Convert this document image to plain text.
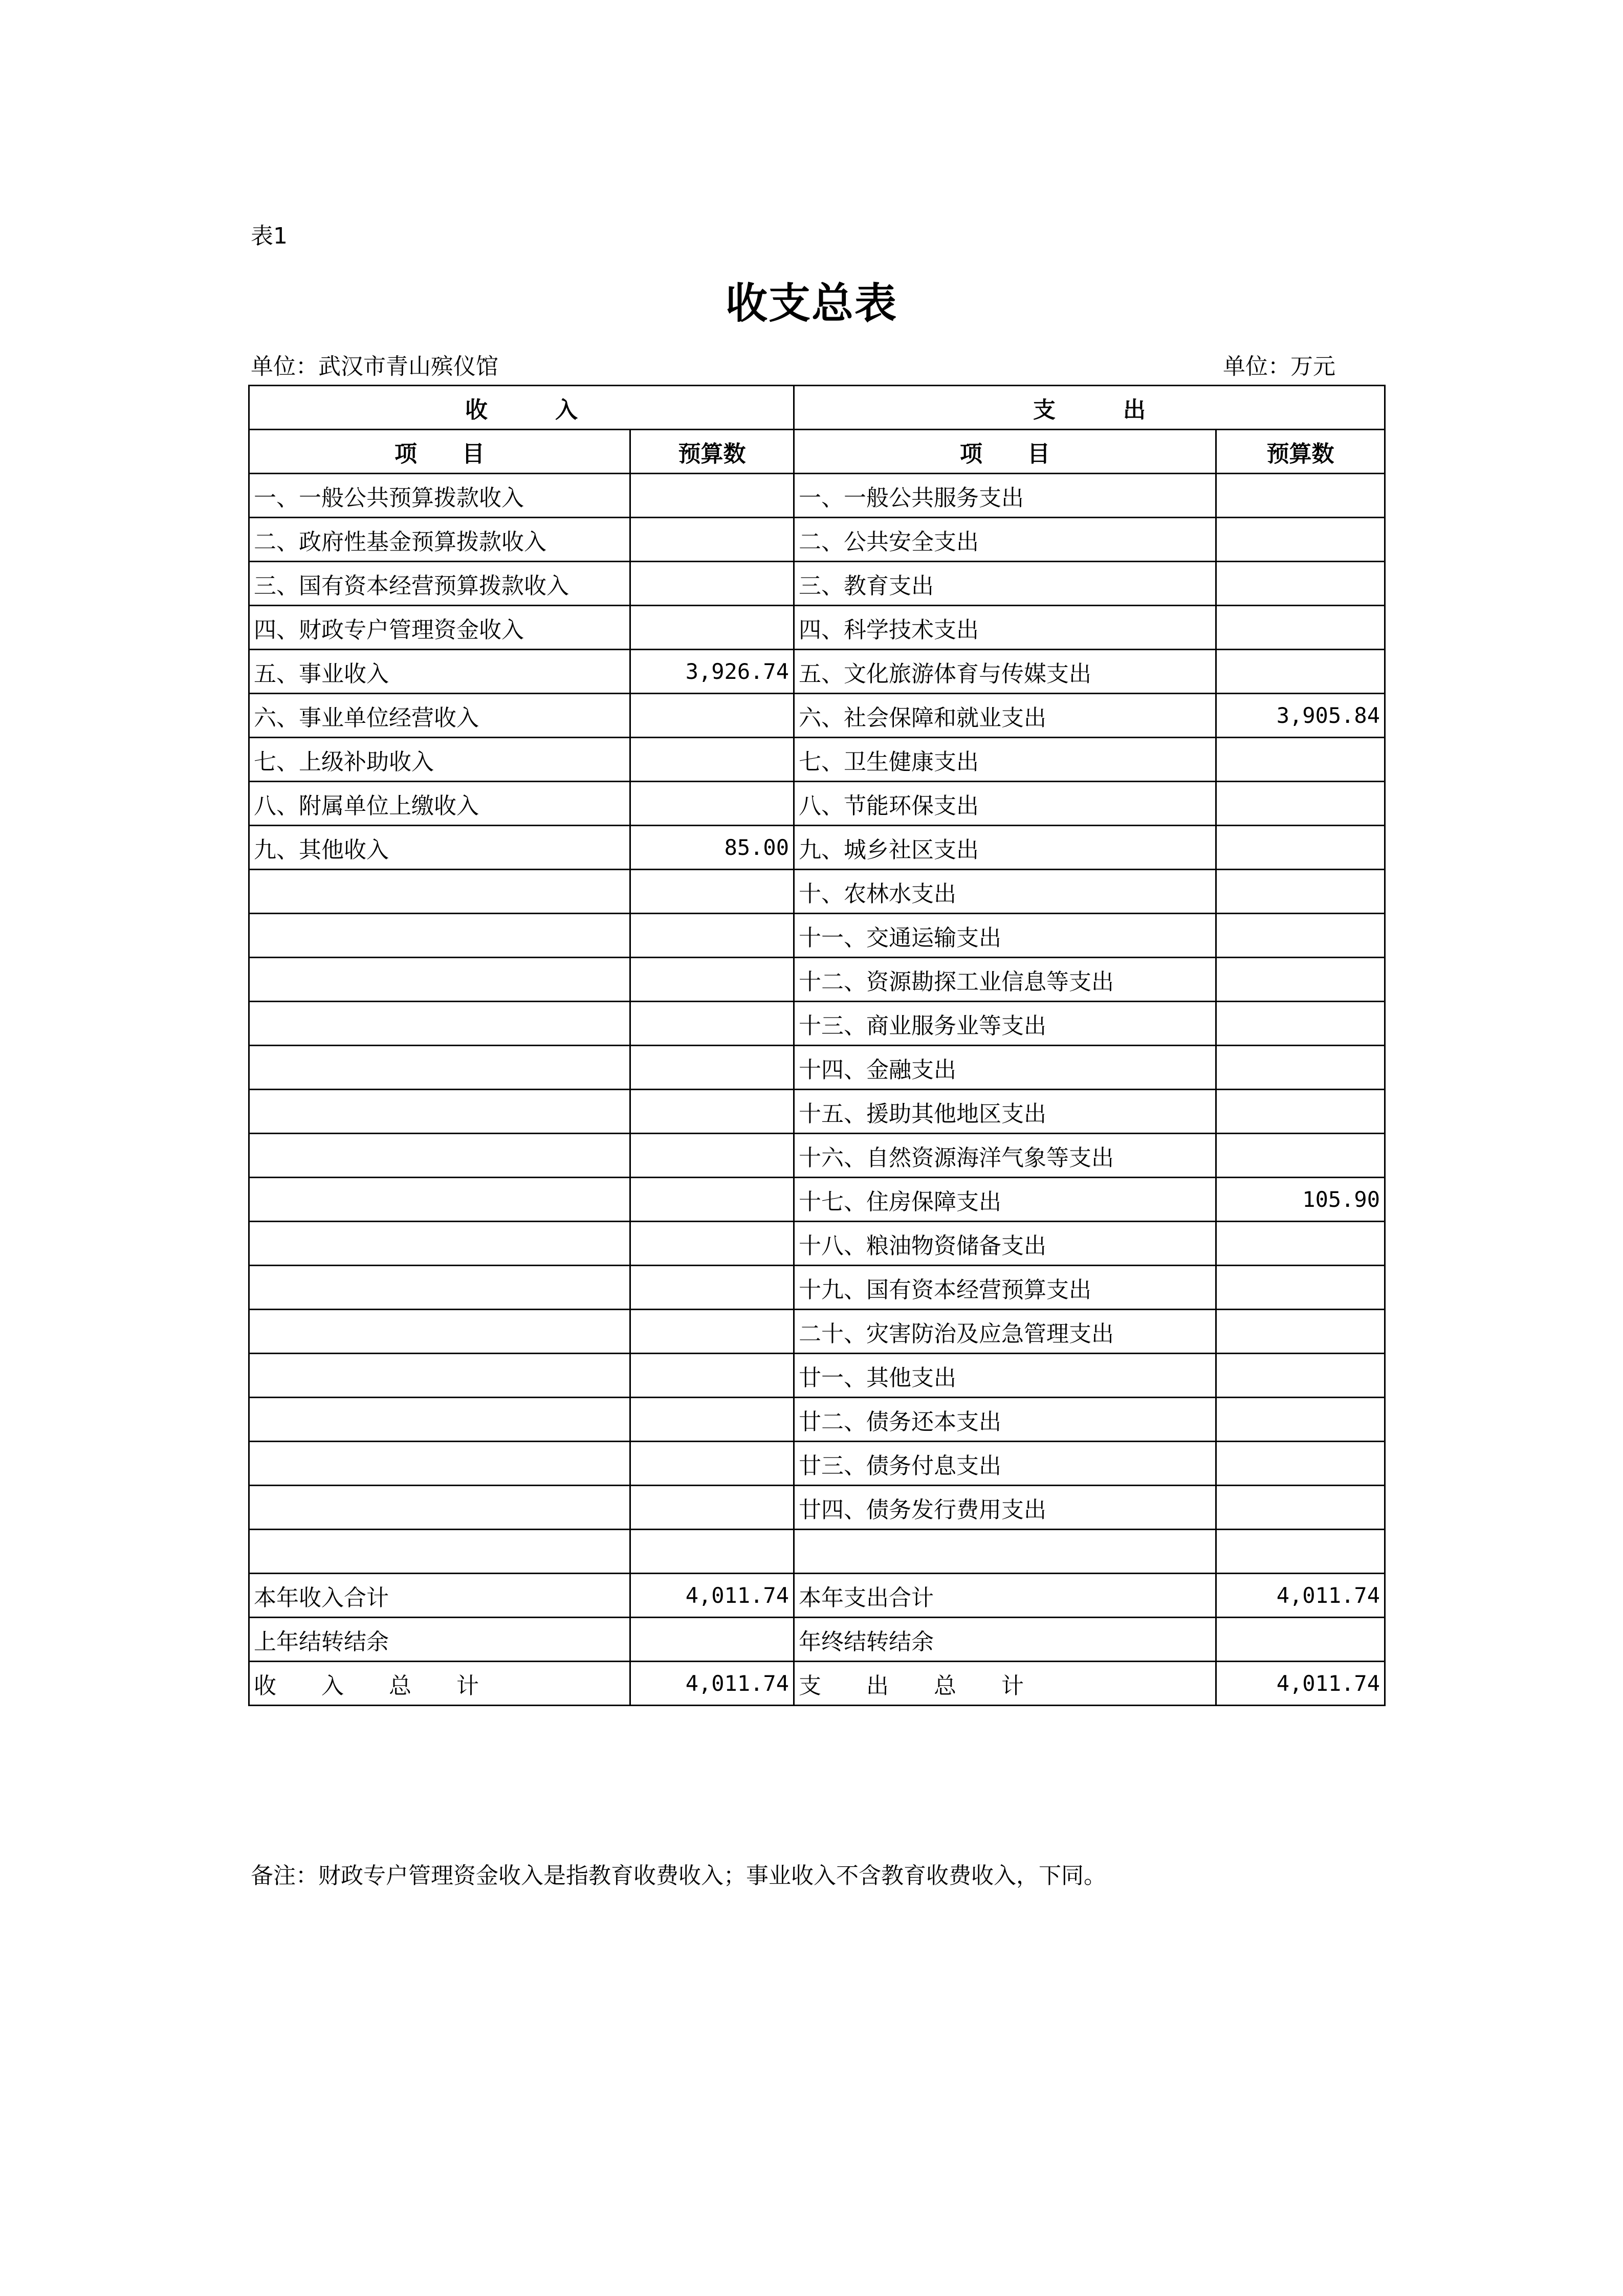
表1
收支总表
单位：武汉市青山殡仪馆	单位：万元
收　　　入		支　　　出	
项　　目	预算数	项　　目	预算数
一、一般公共预算拨款收入		一、一般公共服务支出	
二、政府性基金预算拨款收入		二、公共安全支出	
三、国有资本经营预算拨款收入		三、教育支出	
四、财政专户管理资金收入		四、科学技术支出	
五、事业收入	3,926.74	五、文化旅游体育与传媒支出	
六、事业单位经营收入		六、社会保障和就业支出	3,905.84
七、上级补助收入		七、卫生健康支出	
八、附属单位上缴收入		八、节能环保支出	
九、其他收入	85.00	九、城乡社区支出	
		十、农林水支出	
		十一、交通运输支出	
		十二、资源勘探工业信息等支出	
		十三、商业服务业等支出	
		十四、金融支出	
		十五、援助其他地区支出	
		十六、自然资源海洋气象等支出	
		十七、住房保障支出	105.90
		十八、粮油物资储备支出	
		十九、国有资本经营预算支出	
		二十、灾害防治及应急管理支出	
		廿一、其他支出	
		廿二、债务还本支出	
		廿三、债务付息支出	
		廿四、债务发行费用支出	

本年收入合计	4,011.74	本年支出合计	4,011.74
上年结转结余		年终结转结余	
收　　入　　总　　计	4,011.74	支　　出　　总　　计	4,011.74
备注：财政专户管理资金收入是指教育收费收入；事业收入不含教育收费收入，下同。
